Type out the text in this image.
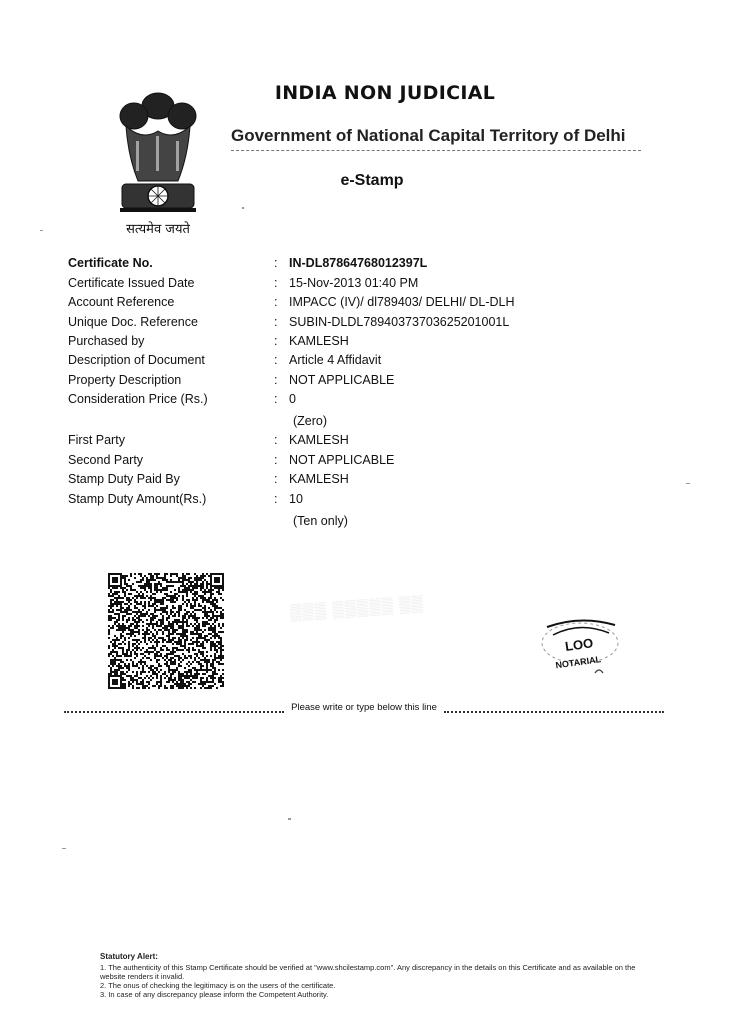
सत्यमेव जयते
INDIA NON JUDICIAL
Government of National Capital Territory of Delhi
e-Stamp
Certificate No.	: IN-DL87864768012397L
Certificate Issued Date	: 15-Nov-2013 01:40 PM
Account Reference	: IMPACC (IV)/ dl789403/ DELHI/ DL-DLH
Unique Doc. Reference	: SUBIN-DLDL78940373703625201001L
Purchased by	: KAMLESH
Description of Document	: Article 4 Affidavit
Property Description	: NOT APPLICABLE
Consideration Price (Rs.)	: 0
(Zero)
First Party	: KAMLESH
Second Party	: NOT APPLICABLE
Stamp Duty Paid By	: KAMLESH
Stamp Duty Amount(Rs.)	: 10
(Ten only)
▒▒▒ ▒▒▒▒▒ ▒▒
LOO
NOTARIAL
Please write or type below this line
Statutory Alert:
1. The authenticity of this Stamp Certificate should be verified at "www.shcilestamp.com". Any discrepancy in the details on this Certificate and as available on the website renders it invalid.
2. The onus of checking the legitimacy is on the users of the certificate.
3. In case of any discrepancy please inform the Competent Authority.
